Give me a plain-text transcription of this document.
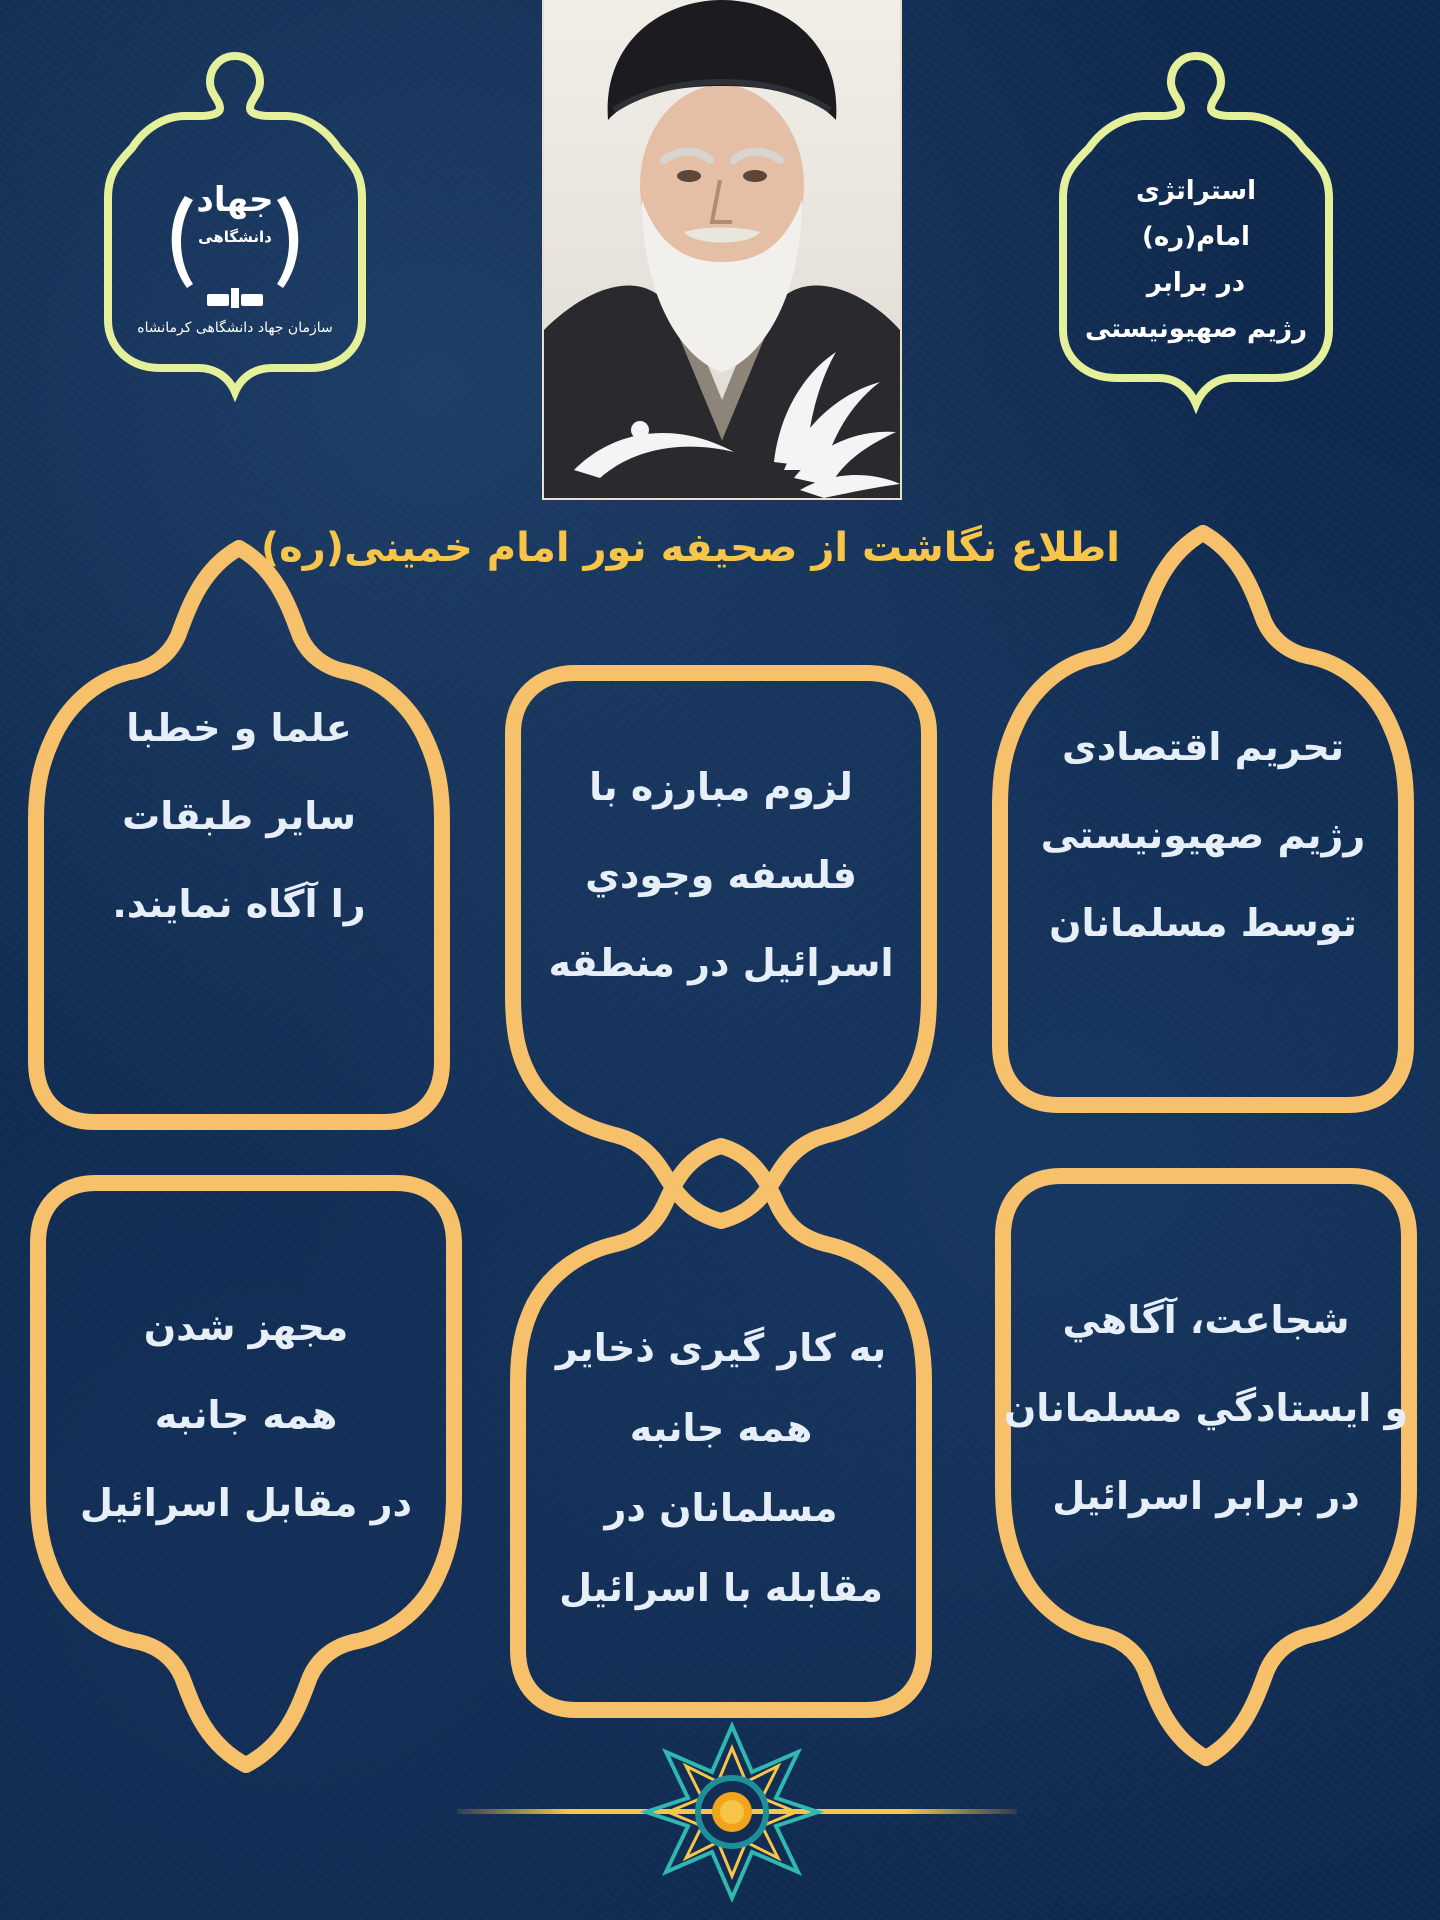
جهاد
دانشگاهی
سازمان جهاد دانشگاهی کرمانشاه
استراتژی
امام(ره)
در برابر
رژیم صهیونیستی
اطلاع نگاشت از صحیفه نور امام خمینی(ره)
تحریم اقتصادی
رژیم صهیونیستی
توسط مسلمانان
لزوم مبارزه با
فلسفه وجودي
اسرائیل در منطقه
علما و خطبا
سایر طبقات
را آگاه نمایند.
شجاعت، آگاهي
و ایستادگي مسلمانان
در برابر اسرائیل
به کار گیری ذخایر
همه جانبه
مسلمانان در
مقابله با اسرائیل
مجهز شدن
همه جانبه
در مقابل اسرائیل
